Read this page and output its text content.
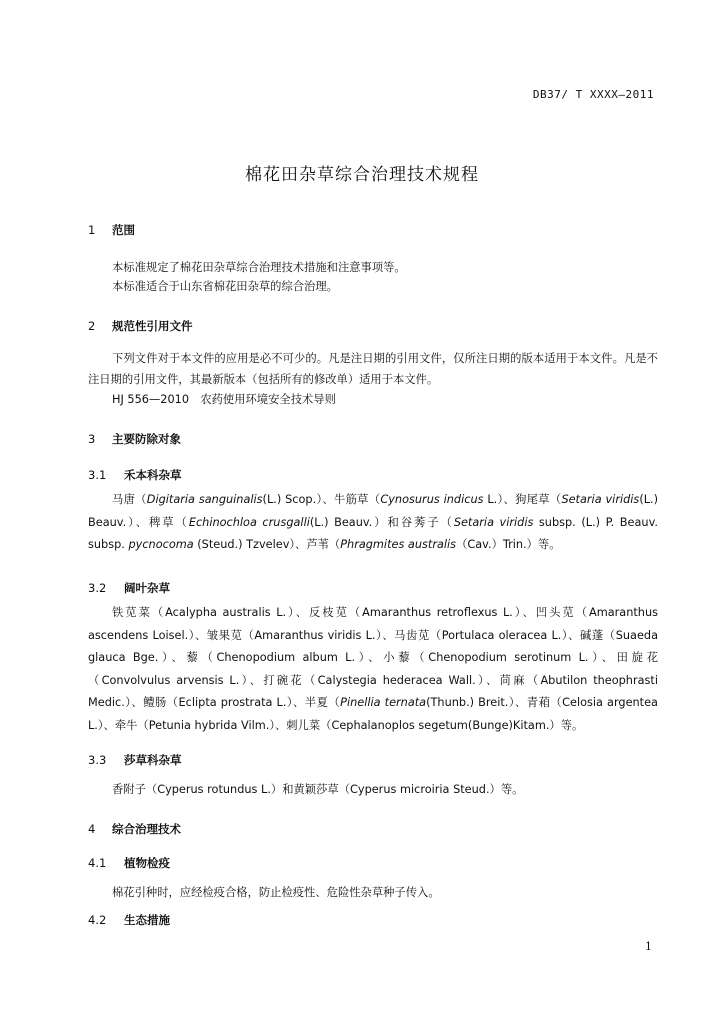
DB37/ T XXXX—2011
棉花田杂草综合治理技术规程
1 范围
本标准规定了棉花田杂草综合治理技术措施和注意事项等。
本标准适合于山东省棉花田杂草的综合治理。
2 规范性引用文件

下列文件对于本文件的应用是必不可少的。凡是注日期的引用文件，仅所注日期的版本适用于本文件。凡是不注日期的引用文件，其最新版本（包括所有的修改单）适用于本文件。

HJ 556—2010　农药使用环境安全技术导则
3 主要防除对象
3.1 禾本科杂草

马唐（Digitaria sanguinalis(L.) Scop.）、牛筋草（Cynosurus indicus L.）、狗尾草（Setaria viridis(L.) Beauv.）、稗草（Echinochloa crusgalli(L.) Beauv.）和谷莠子（Setaria viridis subsp. (L.) P. Beauv. subsp. pycnocoma (Steud.) Tzvelev）、芦苇（Phragmites australis（Cav.）Trin.）等。

3.2 阔叶杂草

铁苋菜（Acalypha australis L.）、反枝苋（Amaranthus retroflexus L.）、凹头苋（Amaranthus ascendens Loisel.）、皱果苋（Amaranthus viridis L.）、马齿苋（Portulaca oleracea L.）、碱蓬（Suaeda glauca Bge.）、藜（Chenopodium album L.）、小藜（Chenopodium serotinum L.）、田旋花（Convolvulus arvensis L.）、打碗花（Calystegia hederacea Wall.）、苘麻（Abutilon theophrasti Medic.）、鳢肠（Eclipta prostrata L.）、半夏（Pinellia ternata(Thunb.) Breit.）、青葙（Celosia argentea L.）、牵牛（Petunia hybrida Vilm.）、刺儿菜（Cephalanoplos segetum(Bunge)Kitam.）等。

3.3 莎草科杂草
香附子（Cyperus rotundus L.）和黄颖莎草（Cyperus microiria Steud.）等。
4 综合治理技术
4.1 植物检疫
棉花引种时，应经检疫合格，防止检疫性、危险性杂草种子传入。
4.2 生态措施
1
